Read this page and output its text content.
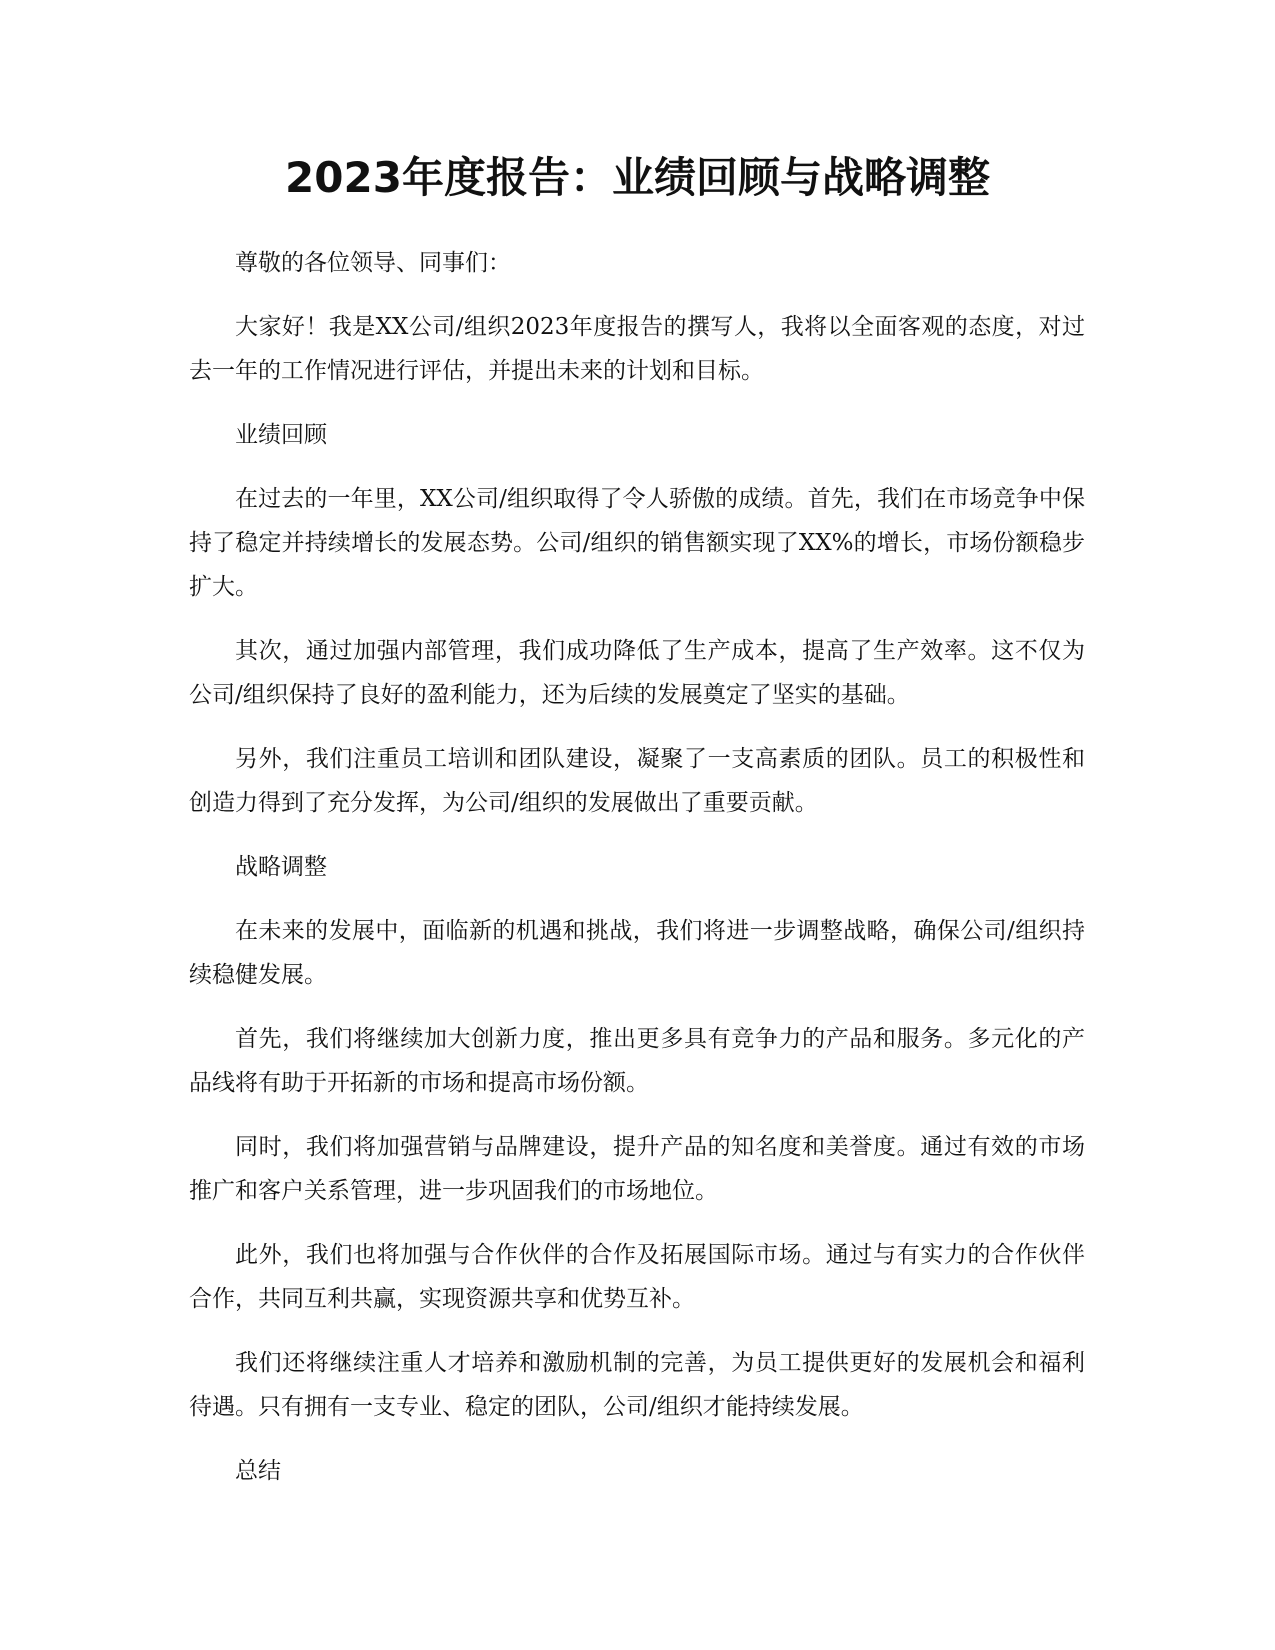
2023年度报告：业绩回顾与战略调整

尊敬的各位领导、同事们：

大家好！我是XX公司/组织2023年度报告的撰写人，我将以全面客观的态度，对过去一年的工作情况进行评估，并提出未来的计划和目标。

业绩回顾

在过去的一年里，XX公司/组织取得了令人骄傲的成绩。首先，我们在市场竞争中保持了稳定并持续增长的发展态势。公司/组织的销售额实现了XX%的增长，市场份额稳步扩大。

其次，通过加强内部管理，我们成功降低了生产成本，提高了生产效率。这不仅为公司/组织保持了良好的盈利能力，还为后续的发展奠定了坚实的基础。

另外，我们注重员工培训和团队建设，凝聚了一支高素质的团队。员工的积极性和创造力得到了充分发挥，为公司/组织的发展做出了重要贡献。

战略调整

在未来的发展中，面临新的机遇和挑战，我们将进一步调整战略，确保公司/组织持续稳健发展。

首先，我们将继续加大创新力度，推出更多具有竞争力的产品和服务。多元化的产品线将有助于开拓新的市场和提高市场份额。

同时，我们将加强营销与品牌建设，提升产品的知名度和美誉度。通过有效的市场推广和客户关系管理，进一步巩固我们的市场地位。

此外，我们也将加强与合作伙伴的合作及拓展国际市场。通过与有实力的合作伙伴合作，共同互利共赢，实现资源共享和优势互补。

我们还将继续注重人才培养和激励机制的完善，为员工提供更好的发展机会和福利待遇。只有拥有一支专业、稳定的团队，公司/组织才能持续发展。

总结
